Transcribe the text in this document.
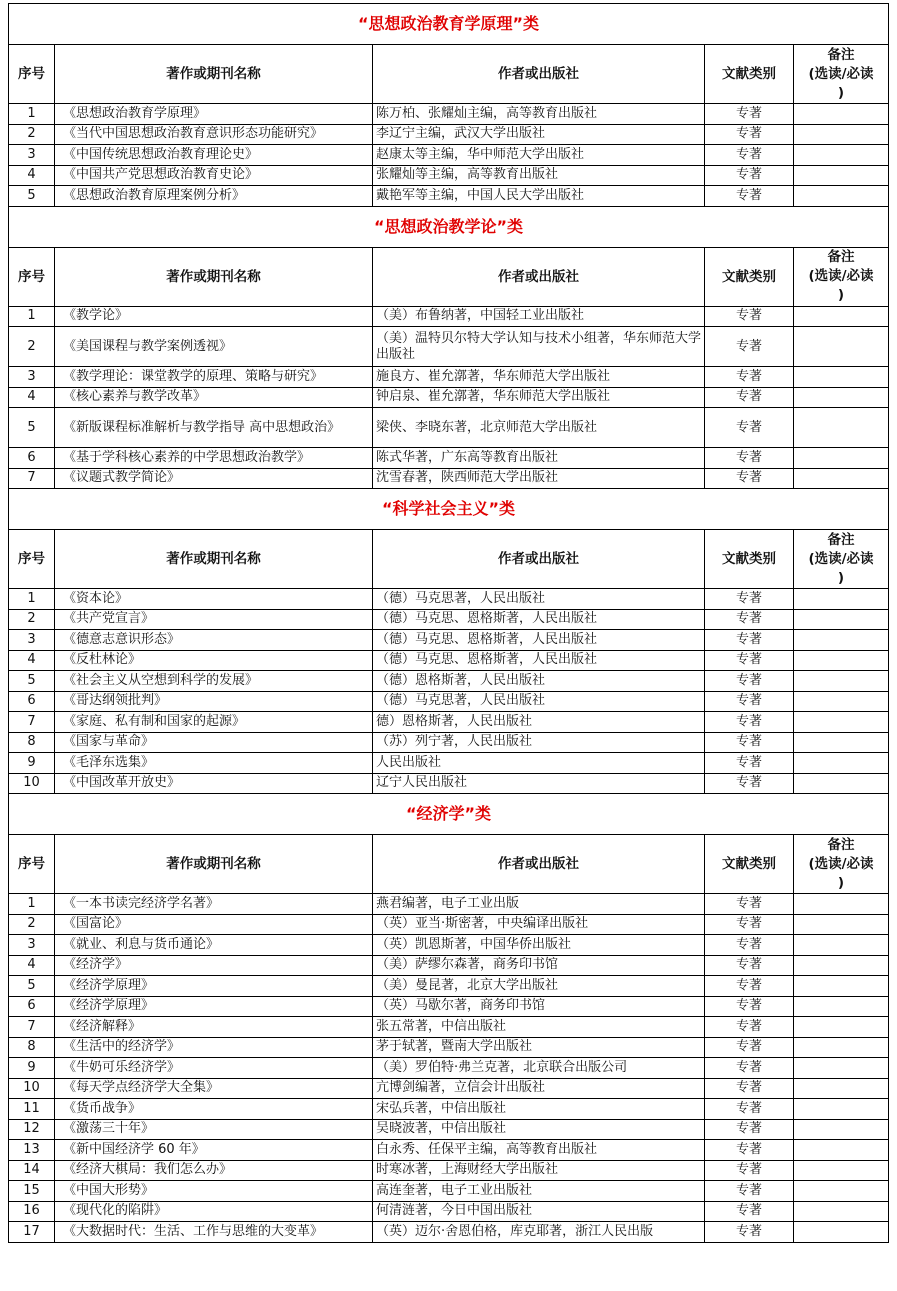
“思想政治教育学原理”类				
序号	著作或期刊名称	作者或出版社	文献类别	备注
(选读/必读
)
1	《思想政治教育学原理》	陈万柏、张耀灿主编，高等教育出版社	专著	
2	《当代中国思想政治教育意识形态功能研究》	李辽宁主编，武汉大学出版社	专著	
3	《中国传统思想政治教育理论史》	赵康太等主编，华中师范大学出版社	专著	
4	《中国共产党思想政治教育史论》	张耀灿等主编，高等教育出版社	专著	
5	《思想政治教育原理案例分析》	戴艳军等主编，中国人民大学出版社	专著	
“思想政治教学论”类				
序号	著作或期刊名称	作者或出版社	文献类别	备注
(选读/必读
)
1	《教学论》	（美）布鲁纳著，中国轻工业出版社	专著	
2	《美国课程与教学案例透视》	（美）温特贝尔特大学认知与技术小组著，华东师范大学出版社	专著	
3	《教学理论：课堂教学的原理、策略与研究》	施良方、崔允漷著，华东师范大学出版社	专著	
4	《核心素养与教学改革》	钟启泉、崔允漷著，华东师范大学出版社	专著	
5	《新版课程标准解析与教学指导 高中思想政治》	梁侠、李晓东著，北京师范大学出版社	专著	
6	《基于学科核心素养的中学思想政治教学》	陈式华著，广东高等教育出版社	专著	
7	《议题式教学简论》	沈雪春著，陕西师范大学出版社	专著	
“科学社会主义”类				
序号	著作或期刊名称	作者或出版社	文献类别	备注
(选读/必读
)
1	《资本论》	（德）马克思著，人民出版社	专著	
2	《共产党宣言》	（德）马克思、恩格斯著，人民出版社	专著	
3	《德意志意识形态》	（德）马克思、恩格斯著，人民出版社	专著	
4	《反杜林论》	（德）马克思、恩格斯著，人民出版社	专著	
5	《社会主义从空想到科学的发展》	（德）恩格斯著，人民出版社	专著	
6	《哥达纲领批判》	（德）马克思著，人民出版社	专著	
7	《家庭、私有制和国家的起源》	德）恩格斯著，人民出版社	专著	
8	《国家与革命》	（苏）列宁著，人民出版社	专著	
9	《毛泽东选集》	人民出版社	专著	
10	《中国改革开放史》	辽宁人民出版社	专著	
“经济学”类				
序号	著作或期刊名称	作者或出版社	文献类别	备注
(选读/必读
)
1	《一本书读完经济学名著》	燕君编著，电子工业出版	专著	
2	《国富论》	（英）亚当·斯密著，中央编译出版社	专著	
3	《就业、利息与货币通论》	（英）凯恩斯著，中国华侨出版社	专著	
4	《经济学》	（美）萨缪尔森著，商务印书馆	专著	
5	《经济学原理》	（美）曼昆著，北京大学出版社	专著	
6	《经济学原理》	（英）马歇尔著，商务印书馆	专著	
7	《经济解释》	张五常著，中信出版社	专著	
8	《生活中的经济学》	茅于轼著，暨南大学出版社	专著	
9	《牛奶可乐经济学》	（美）罗伯特·弗兰克著，北京联合出版公司	专著	
10	《每天学点经济学大全集》	亢博剑编著，立信会计出版社	专著	
11	《货币战争》	宋弘兵著，中信出版社	专著	
12	《激荡三十年》	吴晓波著，中信出版社	专著	
13	《新中国经济学 60 年》	白永秀、任保平主编，高等教育出版社	专著	
14	《经济大棋局：我们怎么办》	时寒冰著，上海财经大学出版社	专著	
15	《中国大形势》	高连奎著，电子工业出版社	专著	
16	《现代化的陷阱》	何清涟著，今日中国出版社	专著	
17	《大数据时代：生活、工作与思维的大变革》	（英）迈尔·舍恩伯格，库克耶著，浙江人民出版	专著	
